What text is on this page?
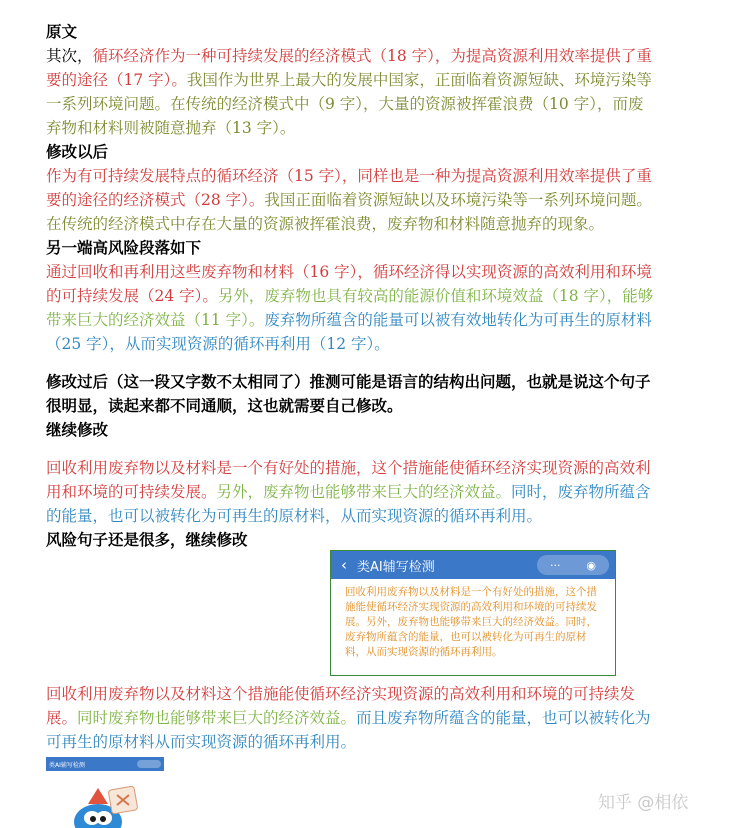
原文

其次，循环经济作为一种可持续发展的经济模式（18 字），为提高资源利用效率提供了重要的途径（17 字）。我国作为世界上最大的发展中国家，正面临着资源短缺、环境污染等一系列环境问题。在传统的经济模式中（9 字），大量的资源被挥霍浪费（10 字），而废弃物和材料则被随意抛弃（13 字）。

修改以后

作为有可持续发展特点的循环经济（15 字），同样也是一种为提高资源利用效率提供了重要的途径的经济模式（28 字）。我国正面临着资源短缺以及环境污染等一系列环境问题。在传统的经济模式中存在大量的资源被挥霍浪费，废弃物和材料随意抛弃的现象。

另一端高风险段落如下

通过回收和再利用这些废弃物和材料（16 字），循环经济得以实现资源的高效利用和环境的可持续发展（24 字）。另外，废弃物也具有较高的能源价值和环境效益（18 字），能够带来巨大的经济效益（11 字）。废弃物所蕴含的能量可以被有效地转化为可再生的原材料（25 字），从而实现资源的循环再利用（12 字）。

修改过后（这一段又字数不太相同了）推测可能是语言的结构出问题，也就是说这个句子很明显，读起来都不同通顺，这也就需要自己修改。
继续修改

回收利用废弃物以及材料是一个有好处的措施，这个措施能使循环经济实现资源的高效利用和环境的可持续发展。另外，废弃物也能够带来巨大的经济效益。同时，废弃物所蕴含的能量，也可以被转化为可再生的原材料，从而实现资源的循环再利用。

风险句子还是很多，继续修改
‹ 类AI辅写检测	··· ◉
回收利用废弃物以及材料是一个有好处的措施，这个措施能使循环经济实现资源的高效利用和环境的可持续发展。另外，废弃物也能够带来巨大的经济效益。同时，废弃物所蕴含的能量，也可以被转化为可再生的原材料，从而实现资源的循环再利用。

回收利用废弃物以及材料这个措施能使循环经济实现资源的高效利用和环境的可持续发展。同时废弃物也能够带来巨大的经济效益。而且废弃物所蕴含的能量，也可以被转化为可再生的原材料从而实现资源的循环再利用。

类AI辅写检测
知乎 @相依
